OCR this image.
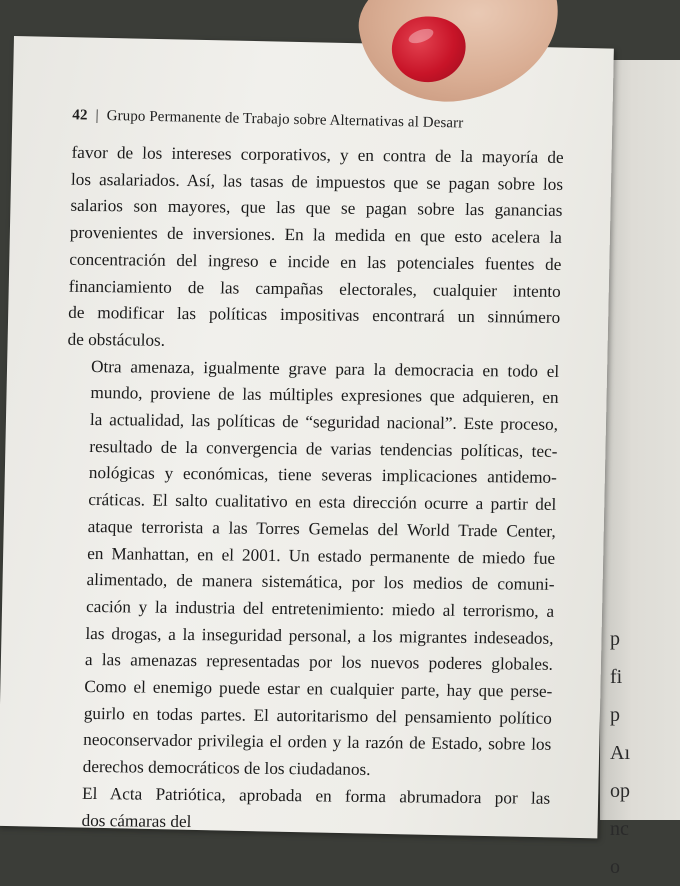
p
fi
p
Aı
op
nc
o
42 | Grupo Permanente de Trabajo sobre Alternativas al Desarr

favor de los intereses corporativos, y en contra de la mayoría de
los asalariados. Así, las tasas de impuestos que se pagan sobre los
salarios son mayores, que las que se pagan sobre las ganancias
provenientes de inversiones. En la medida en que esto acelera la
concentración del ingreso e incide en las potenciales fuentes de
financiamiento de las campañas electorales, cualquier intento
de modificar las políticas impositivas encontrará un sinnúmero
de obstáculos.

Otra amenaza, igualmente grave para la democracia en todo el
mundo, proviene de las múltiples expresiones que adquieren, en
la actualidad, las políticas de “seguridad nacional”. Este proceso,
resultado de la convergencia de varias tendencias políticas, tec-
nológicas y económicas, tiene severas implicaciones antidemo-
cráticas. El salto cualitativo en esta dirección ocurre a partir del
ataque terrorista a las Torres Gemelas del World Trade Center,
en Manhattan, en el 2001. Un estado permanente de miedo fue
alimentado, de manera sistemática, por los medios de comuni-
cación y la industria del entretenimiento: miedo al terrorismo, a
las drogas, a la inseguridad personal, a los migrantes indeseados,
a las amenazas representadas por los nuevos poderes globales.
Como el enemigo puede estar en cualquier parte, hay que perse-
guirlo en todas partes. El autoritarismo del pensamiento político
neoconservador privilegia el orden y la razón de Estado, sobre los
derechos democráticos de los ciudadanos.

El Acta Patriótica, aprobada en forma abrumadora por las
dos cámaras del
